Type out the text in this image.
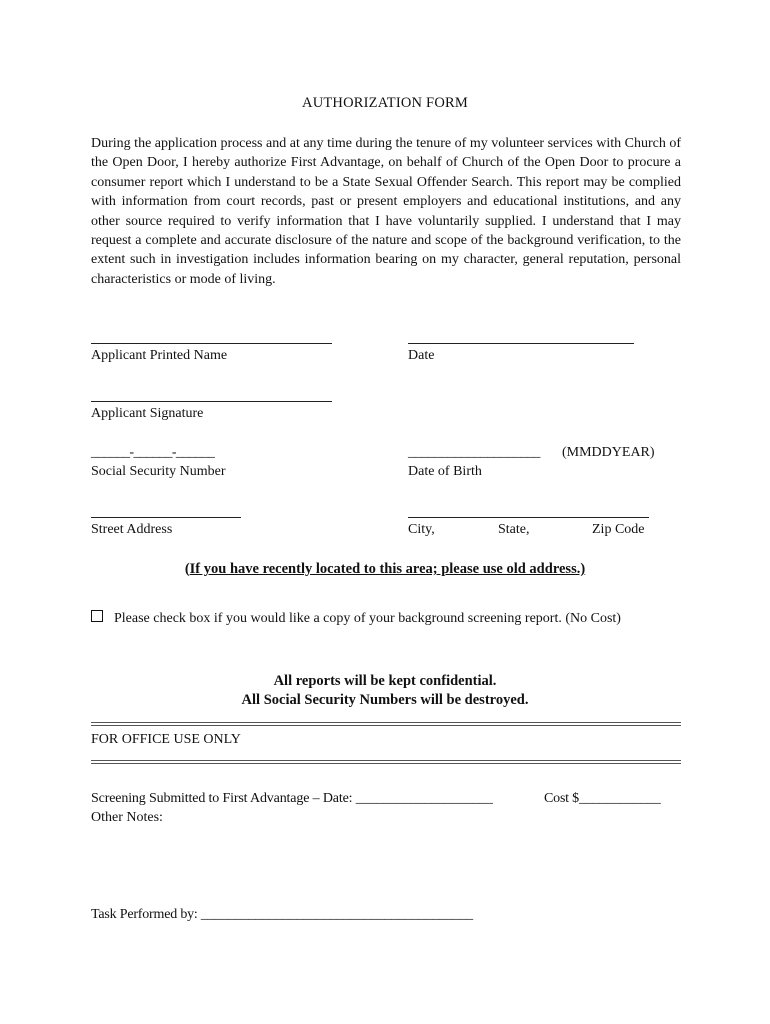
AUTHORIZATION FORM
During the application process and at any time during the tenure of my volunteer services with Church of the Open Door, I hereby authorize First Advantage, on behalf of Church of the Open Door to procure a consumer report which I understand to be a State Sexual Offender Search. This report may be complied with information from court records, past or present employers and educational institutions, and any other source required to verify information that I have voluntarily supplied. I understand that I may request a complete and accurate disclosure of the nature and scope of the background verification, to the extent such in investigation includes information bearing on my character, general reputation, personal characteristics or mode of living.
Applicant Printed Name	Date
Applicant Signature
______-______-______
Social Security Number
____________________ (MMDDYEAR)
Date of Birth
Street Address	City,	State,	Zip Code
(If you have recently located to this area; please use old address.)
Please check box if you would like a copy of your background screening report. (No Cost)
All reports will be kept confidential.
All Social Security Numbers will be destroyed.
FOR OFFICE USE ONLY
Screening Submitted to First Advantage – Date: ____________________	Cost $____________
Other Notes:
Task Performed by: ________________________________________
